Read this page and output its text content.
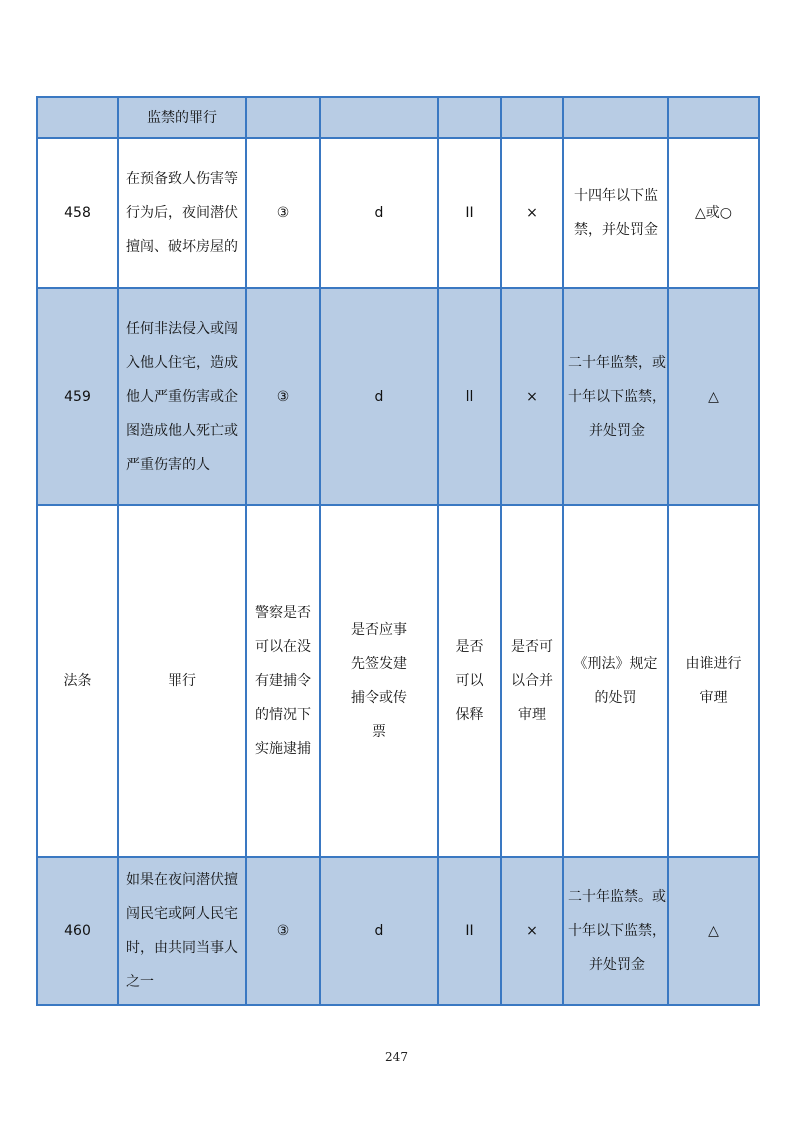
	监禁的罪行						
458	在预备致人伤害等行为后，夜间潜伏擅闯、破坏房屋的	③	d	II	×	十四年以下监禁，并处罚金	△或○
459	任何非法侵入或闯入他人住宅，造成他人严重伤害或企图造成他人死亡或严重伤害的人	③	d	ll	×	二十年监禁，或十年以下监禁，并处罚金	△
法条	罪行	警察是否可以在没有建捕令的情况下实施逮捕	是否应事先签发建捕令或传票	是否可以保释	是否可以合并审理	《刑法》规定的处罚	由谁进行审理
460	如果在夜问潜伏擅闯民宅或阿人民宅时，由共同当事人之一	③	d	II	×	二十年监禁。或十年以下监禁，并处罚金	△
247
